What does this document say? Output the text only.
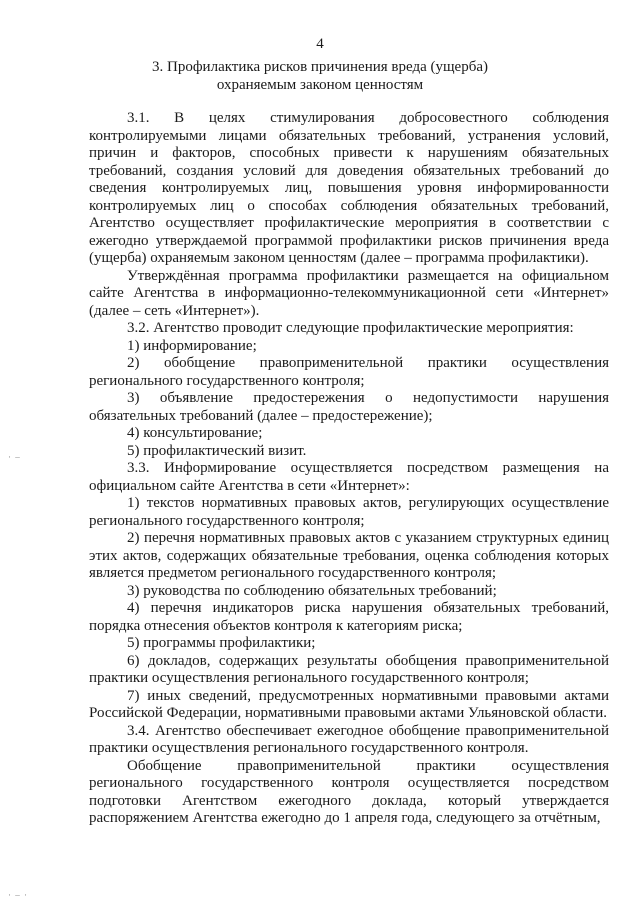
4
3. Профилактика рисков причинения вреда (ущерба)
охраняемым законом ценностям

3.1. В целях стимулирования добросовестного соблюдения контролируемыми лицами обязательных требований, устранения условий, причин и факторов, способных привести к нарушениям обязательных требований, создания условий для доведения обязательных требований до сведения контролируемых лиц, повышения уровня информированности контролируемых лиц о способах соблюдения обязательных требований, Агентство осуществляет профилактические мероприятия в соответствии с ежегодно утверждаемой программой профилактики рисков причинения вреда (ущерба) охраняемым законом ценностям (далее – программа профилактики).

Утверждённая программа профилактики размещается на официальном сайте Агентства в информационно-телекоммуникационной сети «Интернет» (далее – сеть «Интернет»).

3.2. Агентство проводит следующие профилактические мероприятия:

1) информирование;

2) обобщение правоприменительной практики осуществления регионального государственного контроля;

3) объявление предостережения о недопустимости нарушения обязательных требований (далее – предостережение);

4) консультирование;

5) профилактический визит.

3.3. Информирование осуществляется посредством размещения на официальном сайте Агентства в сети «Интернет»:

1) текстов нормативных правовых актов, регулирующих осуществление регионального государственного контроля;

2) перечня нормативных правовых актов с указанием структурных единиц этих актов, содержащих обязательные требования, оценка соблюдения которых является предметом регионального государственного контроля;

3) руководства по соблюдению обязательных требований;

4) перечня индикаторов риска нарушения обязательных требований, порядка отнесения объектов контроля к категориям риска;

5) программы профилактики;

6) докладов, содержащих результаты обобщения правоприменительной практики осуществления регионального государственного контроля;

7) иных сведений, предусмотренных нормативными правовыми актами Российской Федерации, нормативными правовыми актами Ульяновской области.

3.4. Агентство обеспечивает ежегодное обобщение правоприменительной практики осуществления регионального государственного контроля.

Обобщение правоприменительной практики осуществления регионального государственного контроля осуществляется посредством подготовки Агентством ежегодного доклада, который утверждается распоряжением Агентства ежегодно до 1 апреля года, следующего за отчётным,

· –
· – ·
